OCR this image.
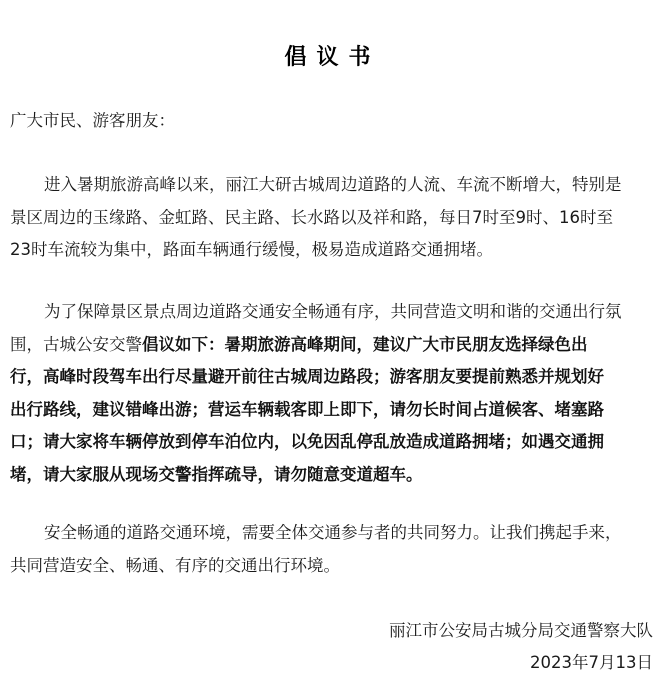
倡议书
广大市民、游客朋友：
进入暑期旅游高峰以来，丽江大研古城周边道路的人流、车流不断增大，特别是
景区周边的玉缘路、金虹路、民主路、长水路以及祥和路，每日7时至9时、16时至
23时车流较为集中，路面车辆通行缓慢，极易造成道路交通拥堵。
为了保障景区景点周边道路交通安全畅通有序，共同营造文明和谐的交通出行氛
围，古城公安交警倡议如下：暑期旅游高峰期间，建议广大市民朋友选择绿色出
行，高峰时段驾车出行尽量避开前往古城周边路段；游客朋友要提前熟悉并规划好
出行路线，建议错峰出游；营运车辆载客即上即下，请勿长时间占道候客、堵塞路
口；请大家将车辆停放到停车泊位内，以免因乱停乱放造成道路拥堵；如遇交通拥
堵，请大家服从现场交警指挥疏导，请勿随意变道超车。
安全畅通的道路交通环境，需要全体交通参与者的共同努力。让我们携起手来，
共同营造安全、畅通、有序的交通出行环境。
丽江市公安局古城分局交通警察大队
2023年7月13日
